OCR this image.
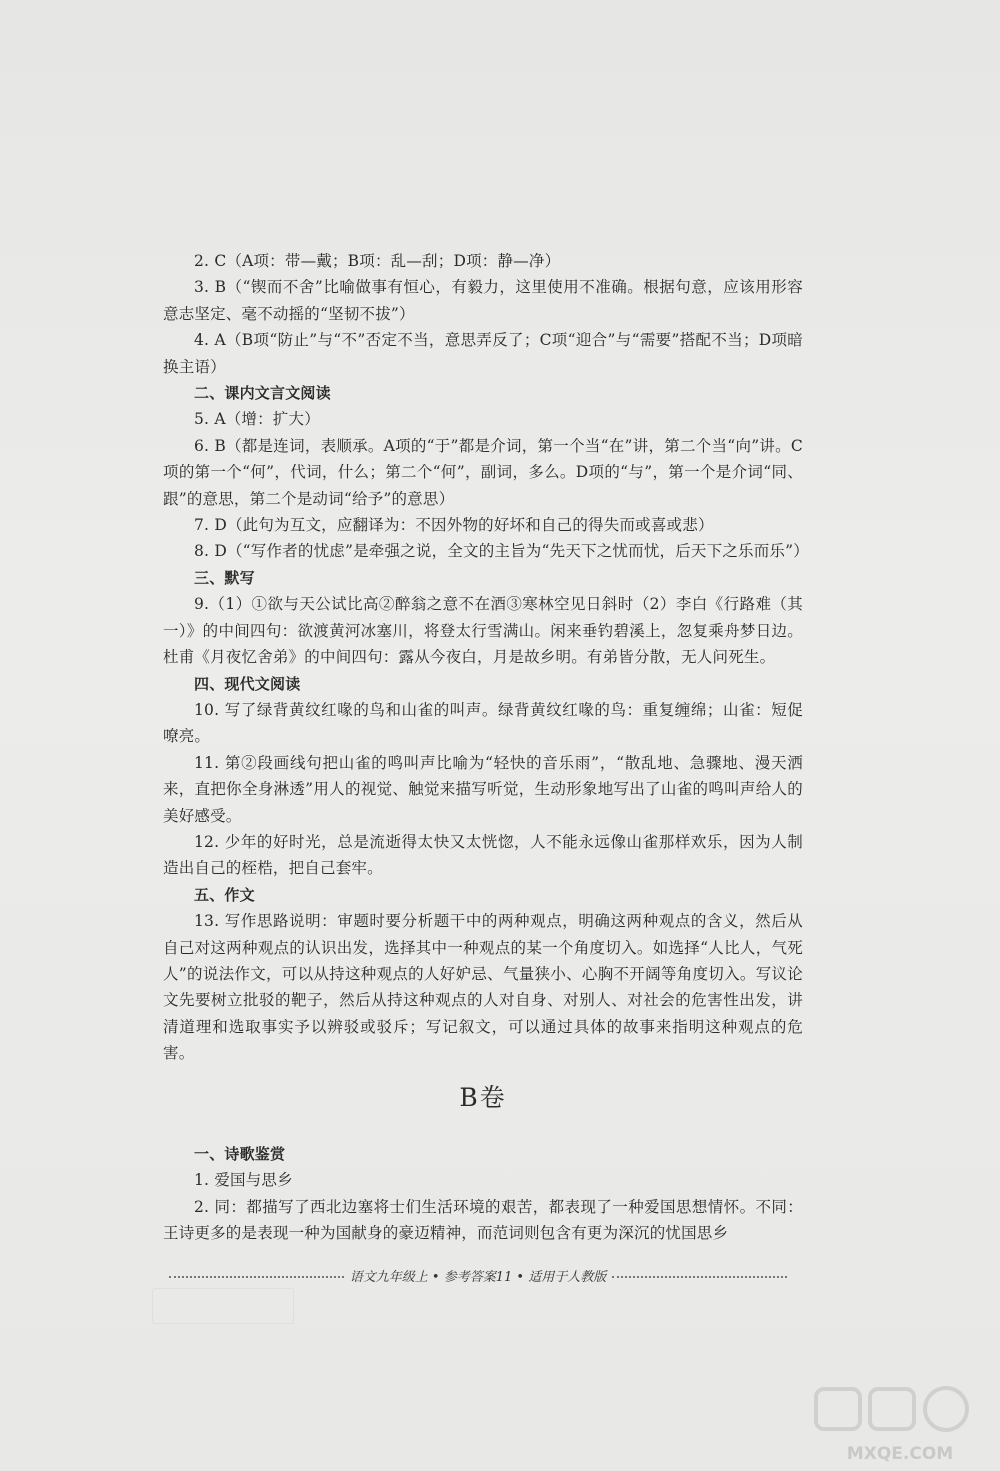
2. C（A项：带—戴；B项：乱—刮；D项：静—净）

3. B（“锲而不舍”比喻做事有恒心，有毅力，这里使用不准确。根据句意，应该用形容意志坚定、毫不动摇的“坚韧不拔”）

4. A（B项“防止”与“不”否定不当，意思弄反了；C项“迎合”与“需要”搭配不当；D项暗换主语）

二、课内文言文阅读

5. A（增：扩大）

6. B（都是连词，表顺承。A项的“于”都是介词，第一个当“在”讲，第二个当“向”讲。C项的第一个“何”，代词，什么；第二个“何”，副词，多么。D项的“与”，第一个是介词“同、跟”的意思，第二个是动词“给予”的意思）

7. D（此句为互文，应翻译为：不因外物的好坏和自己的得失而或喜或悲）

8. D（“写作者的忧虑”是牵强之说，全文的主旨为“先天下之忧而忧，后天下之乐而乐”）

三、默写

9.（1）①欲与天公试比高②醉翁之意不在酒③寒林空见日斜时（2）李白《行路难（其一）》的中间四句：欲渡黄河冰塞川，将登太行雪满山。闲来垂钓碧溪上，忽复乘舟梦日边。杜甫《月夜忆舍弟》的中间四句：露从今夜白，月是故乡明。有弟皆分散，无人问死生。

四、现代文阅读

10. 写了绿背黄纹红喙的鸟和山雀的叫声。绿背黄纹红喙的鸟：重复缠绵；山雀：短促嘹亮。

11. 第②段画线句把山雀的鸣叫声比喻为“轻快的音乐雨”，“散乱地、急骤地、漫天洒来，直把你全身淋透”用人的视觉、触觉来描写听觉，生动形象地写出了山雀的鸣叫声给人的美好感受。

12. 少年的好时光，总是流逝得太快又太恍惚，人不能永远像山雀那样欢乐，因为人制造出自己的桎梏，把自己套牢。

五、作文

13. 写作思路说明：审题时要分析题干中的两种观点，明确这两种观点的含义，然后从自己对这两种观点的认识出发，选择其中一种观点的某一个角度切入。如选择“人比人，气死人”的说法作文，可以从持这种观点的人好妒忌、气量狭小、心胸不开阔等角度切入。写议论文先要树立批驳的靶子，然后从持这种观点的人对自身、对别人、对社会的危害性出发，讲清道理和选取事实予以辨驳或驳斥；写记叙文，可以通过具体的故事来指明这种观点的危害。

B卷

一、诗歌鉴赏

1. 爱国与思乡

2. 同：都描写了西北边塞将士们生活环境的艰苦，都表现了一种爱国思想情怀。不同：王诗更多的是表现一种为国献身的豪迈精神，而范词则包含有更为深沉的忧国思乡

语文九年级上 • 参考答案11 • 适用于人教版
MXQE.COM
